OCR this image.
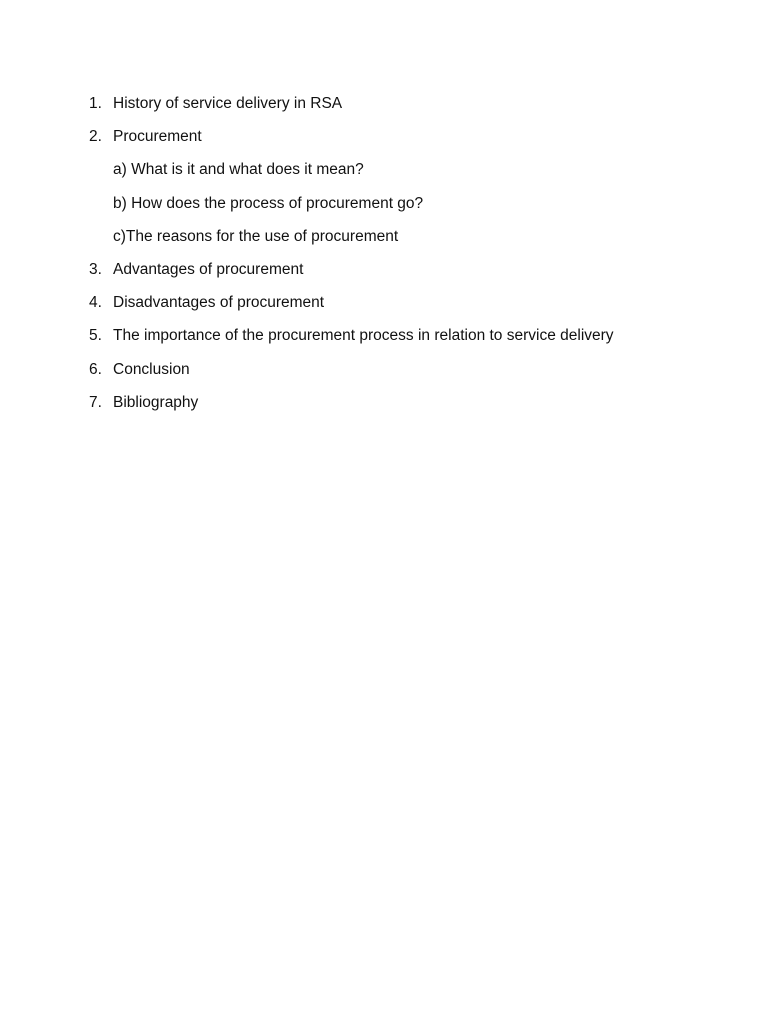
1. History of service delivery in RSA
2. Procurement
a) What is it and what does it mean?
b) How does the process of procurement go?
c)The reasons for the use of procurement
3. Advantages of procurement
4. Disadvantages of procurement
5. The importance of the procurement process in relation to service delivery
6. Conclusion
7. Bibliography
